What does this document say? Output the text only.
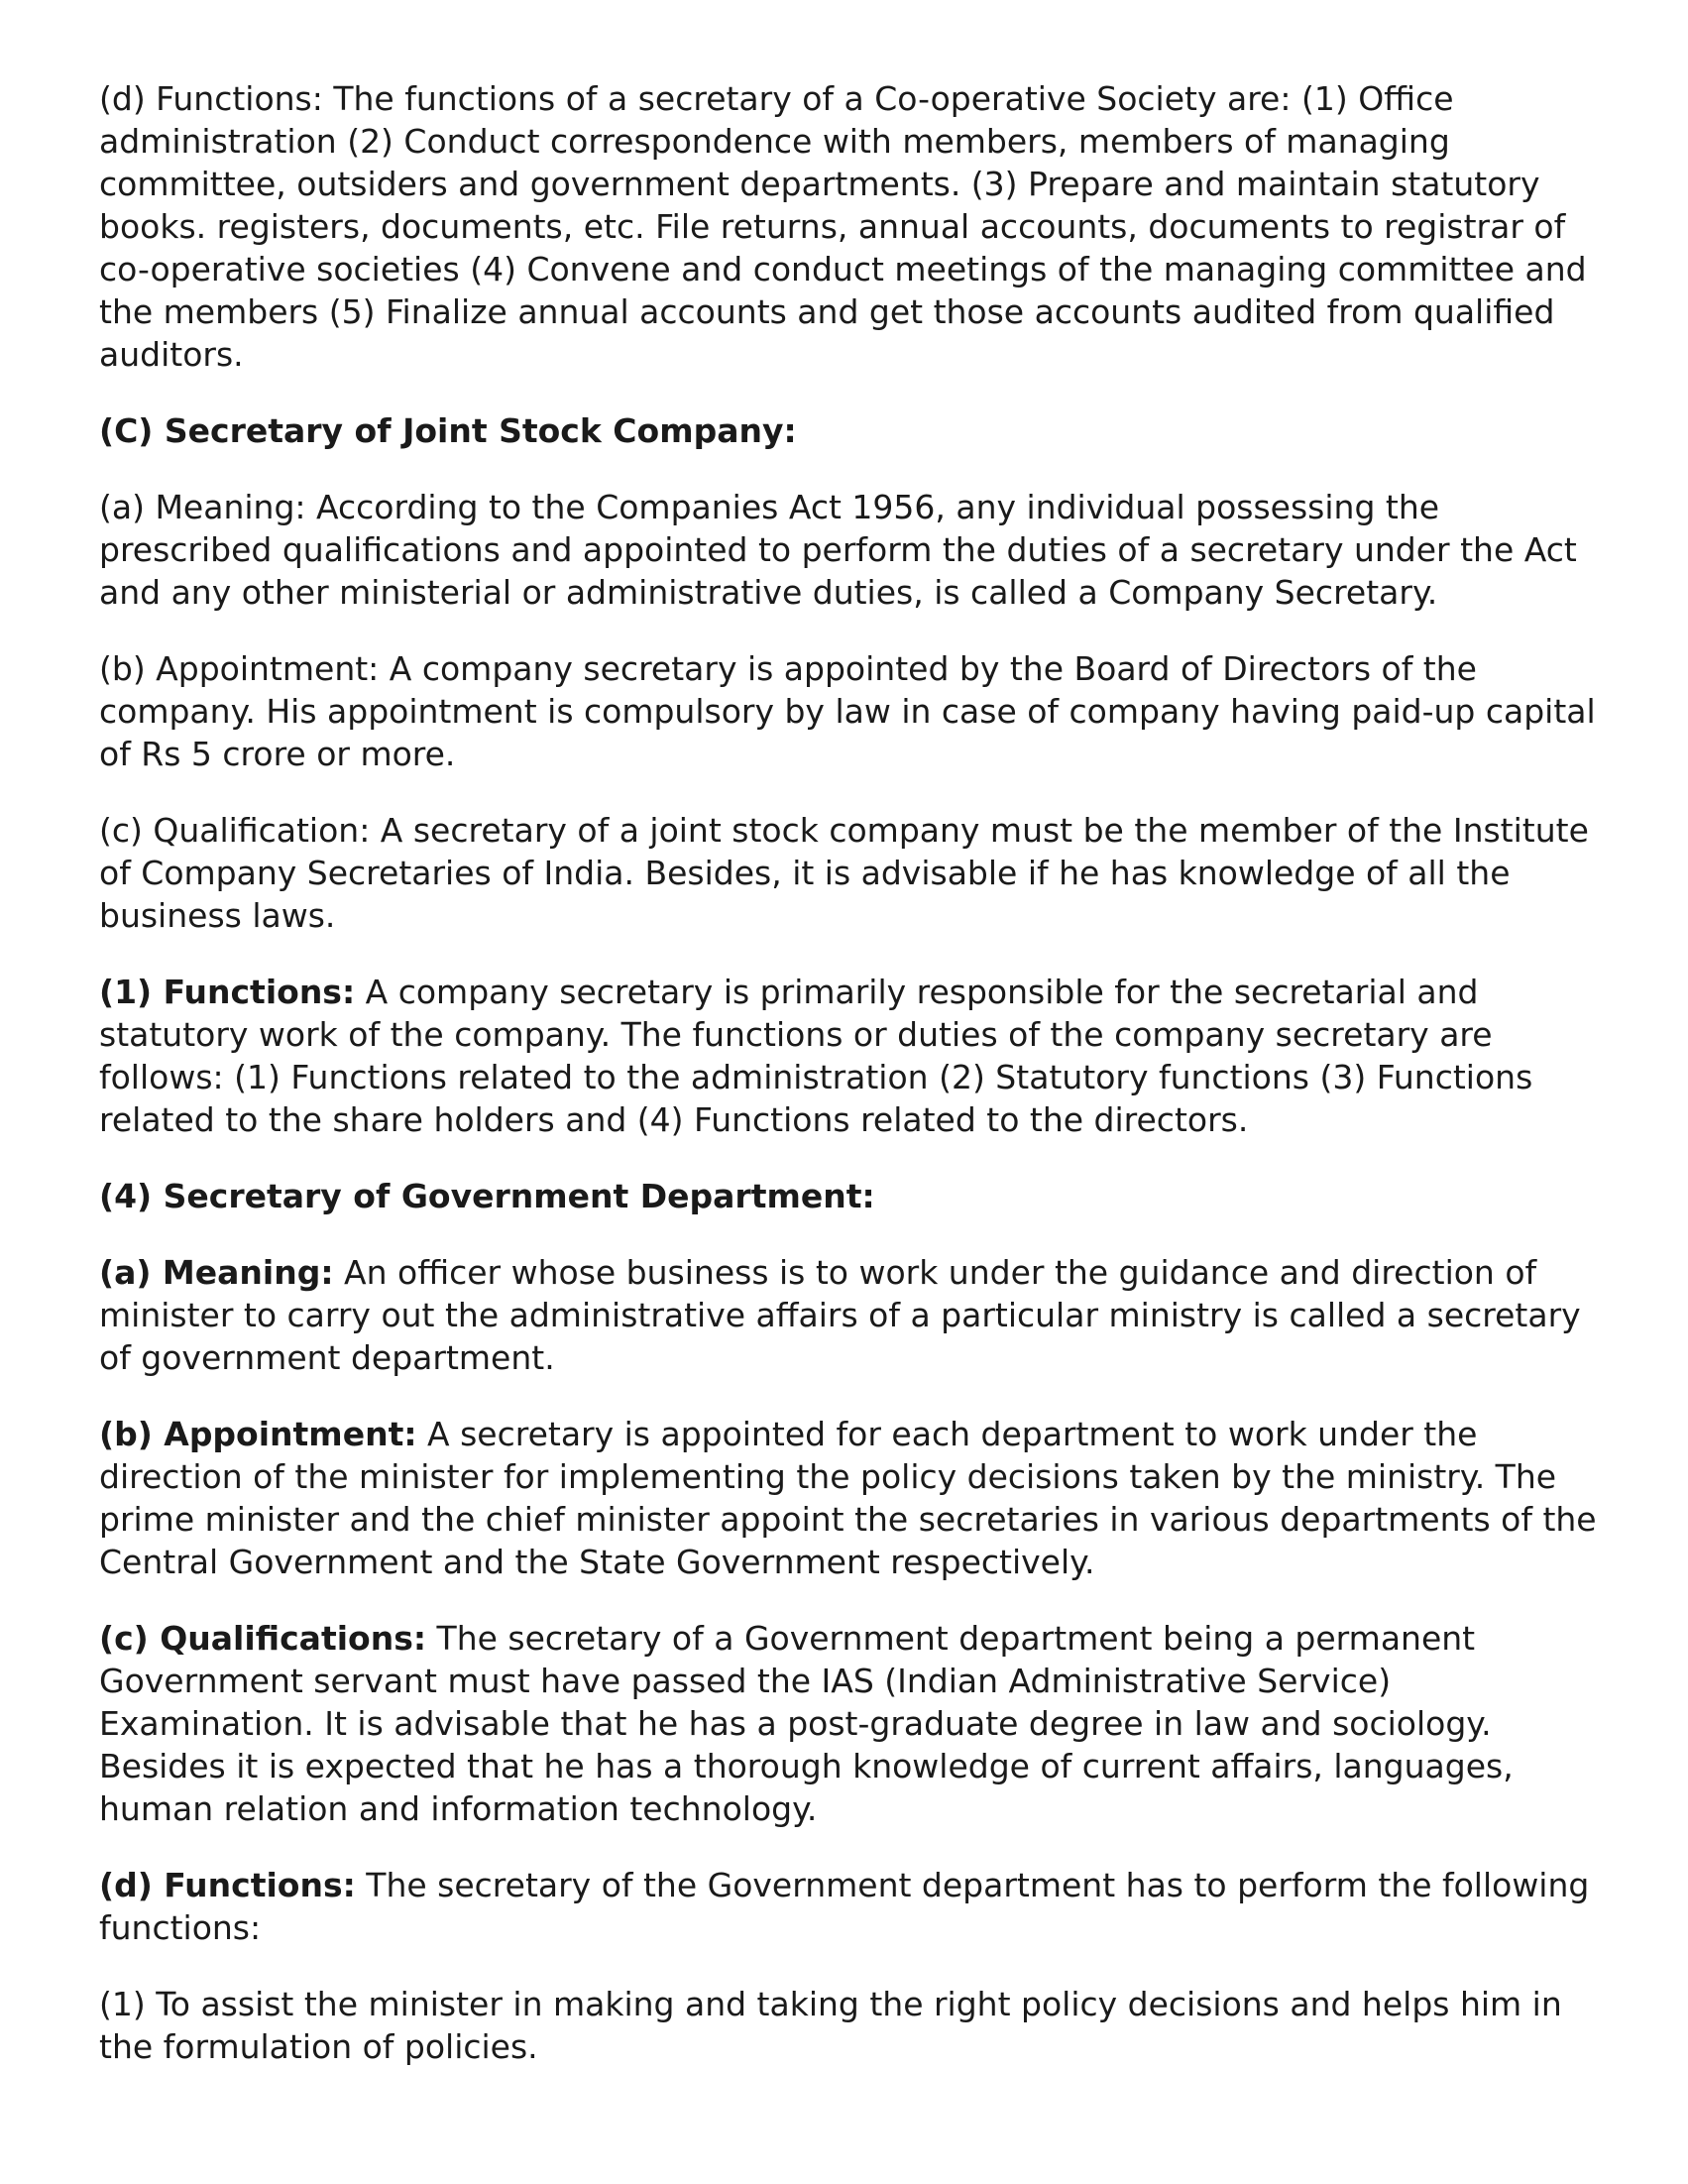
(d) Functions: The functions of a secretary of a Co-operative Society are: (1) Office administration (2) Conduct correspondence with members, members of managing committee, outsiders and government departments. (3) Prepare and maintain statutory books. registers, documents, etc. File returns, annual accounts, documents to registrar of co-operative societies (4) Convene and conduct meetings of the managing committee and the members (5) Finalize annual accounts and get those accounts audited from qualified auditors.

(C) Secretary of Joint Stock Company:

(a) Meaning: According to the Companies Act 1956, any individual possessing the prescribed qualifications and appointed to perform the duties of a secretary under the Act and any other ministerial or administrative duties, is called a Company Secretary.

(b) Appointment: A company secretary is appointed by the Board of Directors of the company. His appointment is compulsory by law in case of company having paid-up capital of Rs 5 crore or more.

(c) Qualification: A secretary of a joint stock company must be the member of the Institute of Company Secretaries of India. Besides, it is advisable if he has knowledge of all the business laws.

(1) Functions: A company secretary is primarily responsible for the secretarial and statutory work of the company. The functions or duties of the company secretary are follows: (1) Functions related to the administration (2) Statutory functions (3) Functions related to the share holders and (4) Functions related to the directors.

(4) Secretary of Government Department:

(a) Meaning: An officer whose business is to work under the guidance and direction of minister to carry out the administrative affairs of a particular ministry is called a secretary of government department.

(b) Appointment: A secretary is appointed for each department to work under the direction of the minister for implementing the policy decisions taken by the ministry. The prime minister and the chief minister appoint the secretaries in various departments of the Central Government and the State Government respectively.

(c) Qualifications: The secretary of a Government department being a permanent Government servant must have passed the IAS (Indian Administrative Service) Examination. It is advisable that he has a post-graduate degree in law and sociology. Besides it is expected that he has a thorough knowledge of current affairs, languages, human relation and information technology.

(d) Functions: The secretary of the Government department has to perform the following functions:

(1) To assist the minister in making and taking the right policy decisions and helps him in the formulation of policies.
